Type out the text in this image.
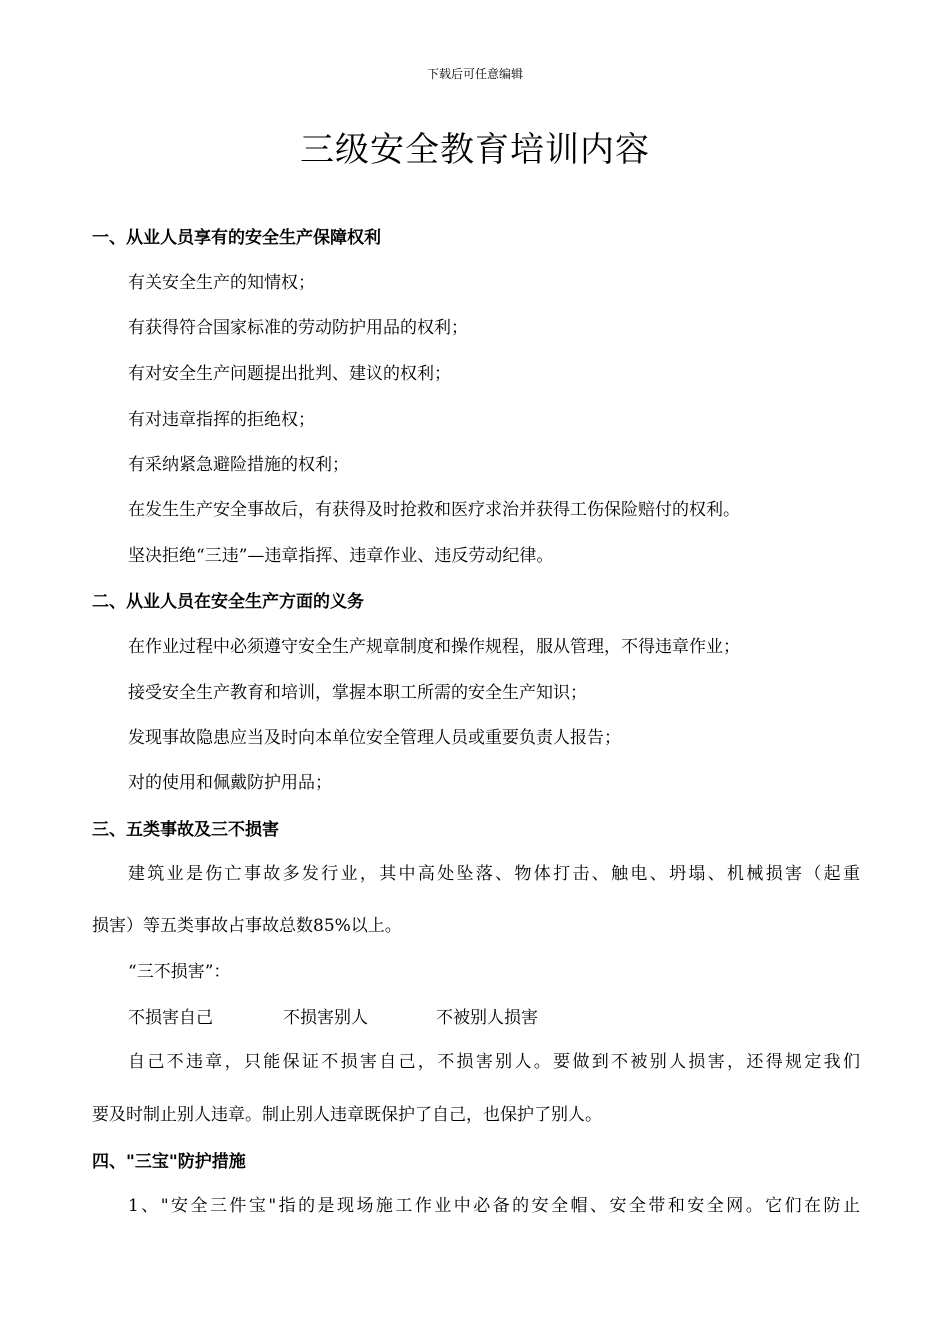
下载后可任意编辑
三级安全教育培训内容
一、从业人员享有的安全生产保障权利
有关安全生产的知情权；
有获得符合国家标准的劳动防护用品的权利；
有对安全生产问题提出批判、建议的权利；
有对违章指挥的拒绝权；
有采纳紧急避险措施的权利；
在发生生产安全事故后，有获得及时抢救和医疗求治并获得工伤保险赔付的权利。
坚决拒绝“三违”—违章指挥、违章作业、违反劳动纪律。
二、从业人员在安全生产方面的义务
在作业过程中必须遵守安全生产规章制度和操作规程，服从管理，不得违章作业；
接受安全生产教育和培训，掌握本职工所需的安全生产知识；
发现事故隐患应当及时向本单位安全管理人员或重要负责人报告；
对的使用和佩戴防护用品；
三、五类事故及三不损害
建筑业是伤亡事故多发行业，其中高处坠落、物体打击、触电、坍塌、机械损害（起重
损害）等五类事故占事故总数85%以上。
“三不损害”：
不损害自己	不损害别人	不被别人损害
自己不违章，只能保证不损害自己，不损害别人。要做到不被别人损害，还得规定我们
要及时制止别人违章。制止别人违章既保护了自己，也保护了别人。
四、"三宝"防护措施
1、"安全三件宝"指的是现场施工作业中必备的安全帽、安全带和安全网。它们在防止
